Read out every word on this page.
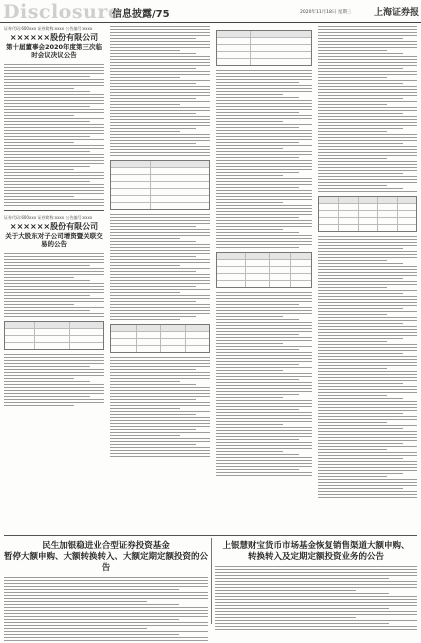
Disclosure
信息披露/75	2020年11月18日 星期三	上海证券报
证券代码:600xxx 证券简称:xxxx 公告编号:xxxx
××××××股份有限公司
第十届董事会2020年度第三次临时会议决议公告
证券代码:600xxx 证券简称:xxxx 公告编号:xxxx
××××××股份有限公司
关于大股东对子公司增资暨关联交易的公告
民生加银稳进业合型证券投资基金
暂停大额申购、大额转换转入、大额定期定额投资的公告
上银慧财宝货币市场基金恢复销售渠道大额申购、
转换转入及定期定额投资业务的公告
